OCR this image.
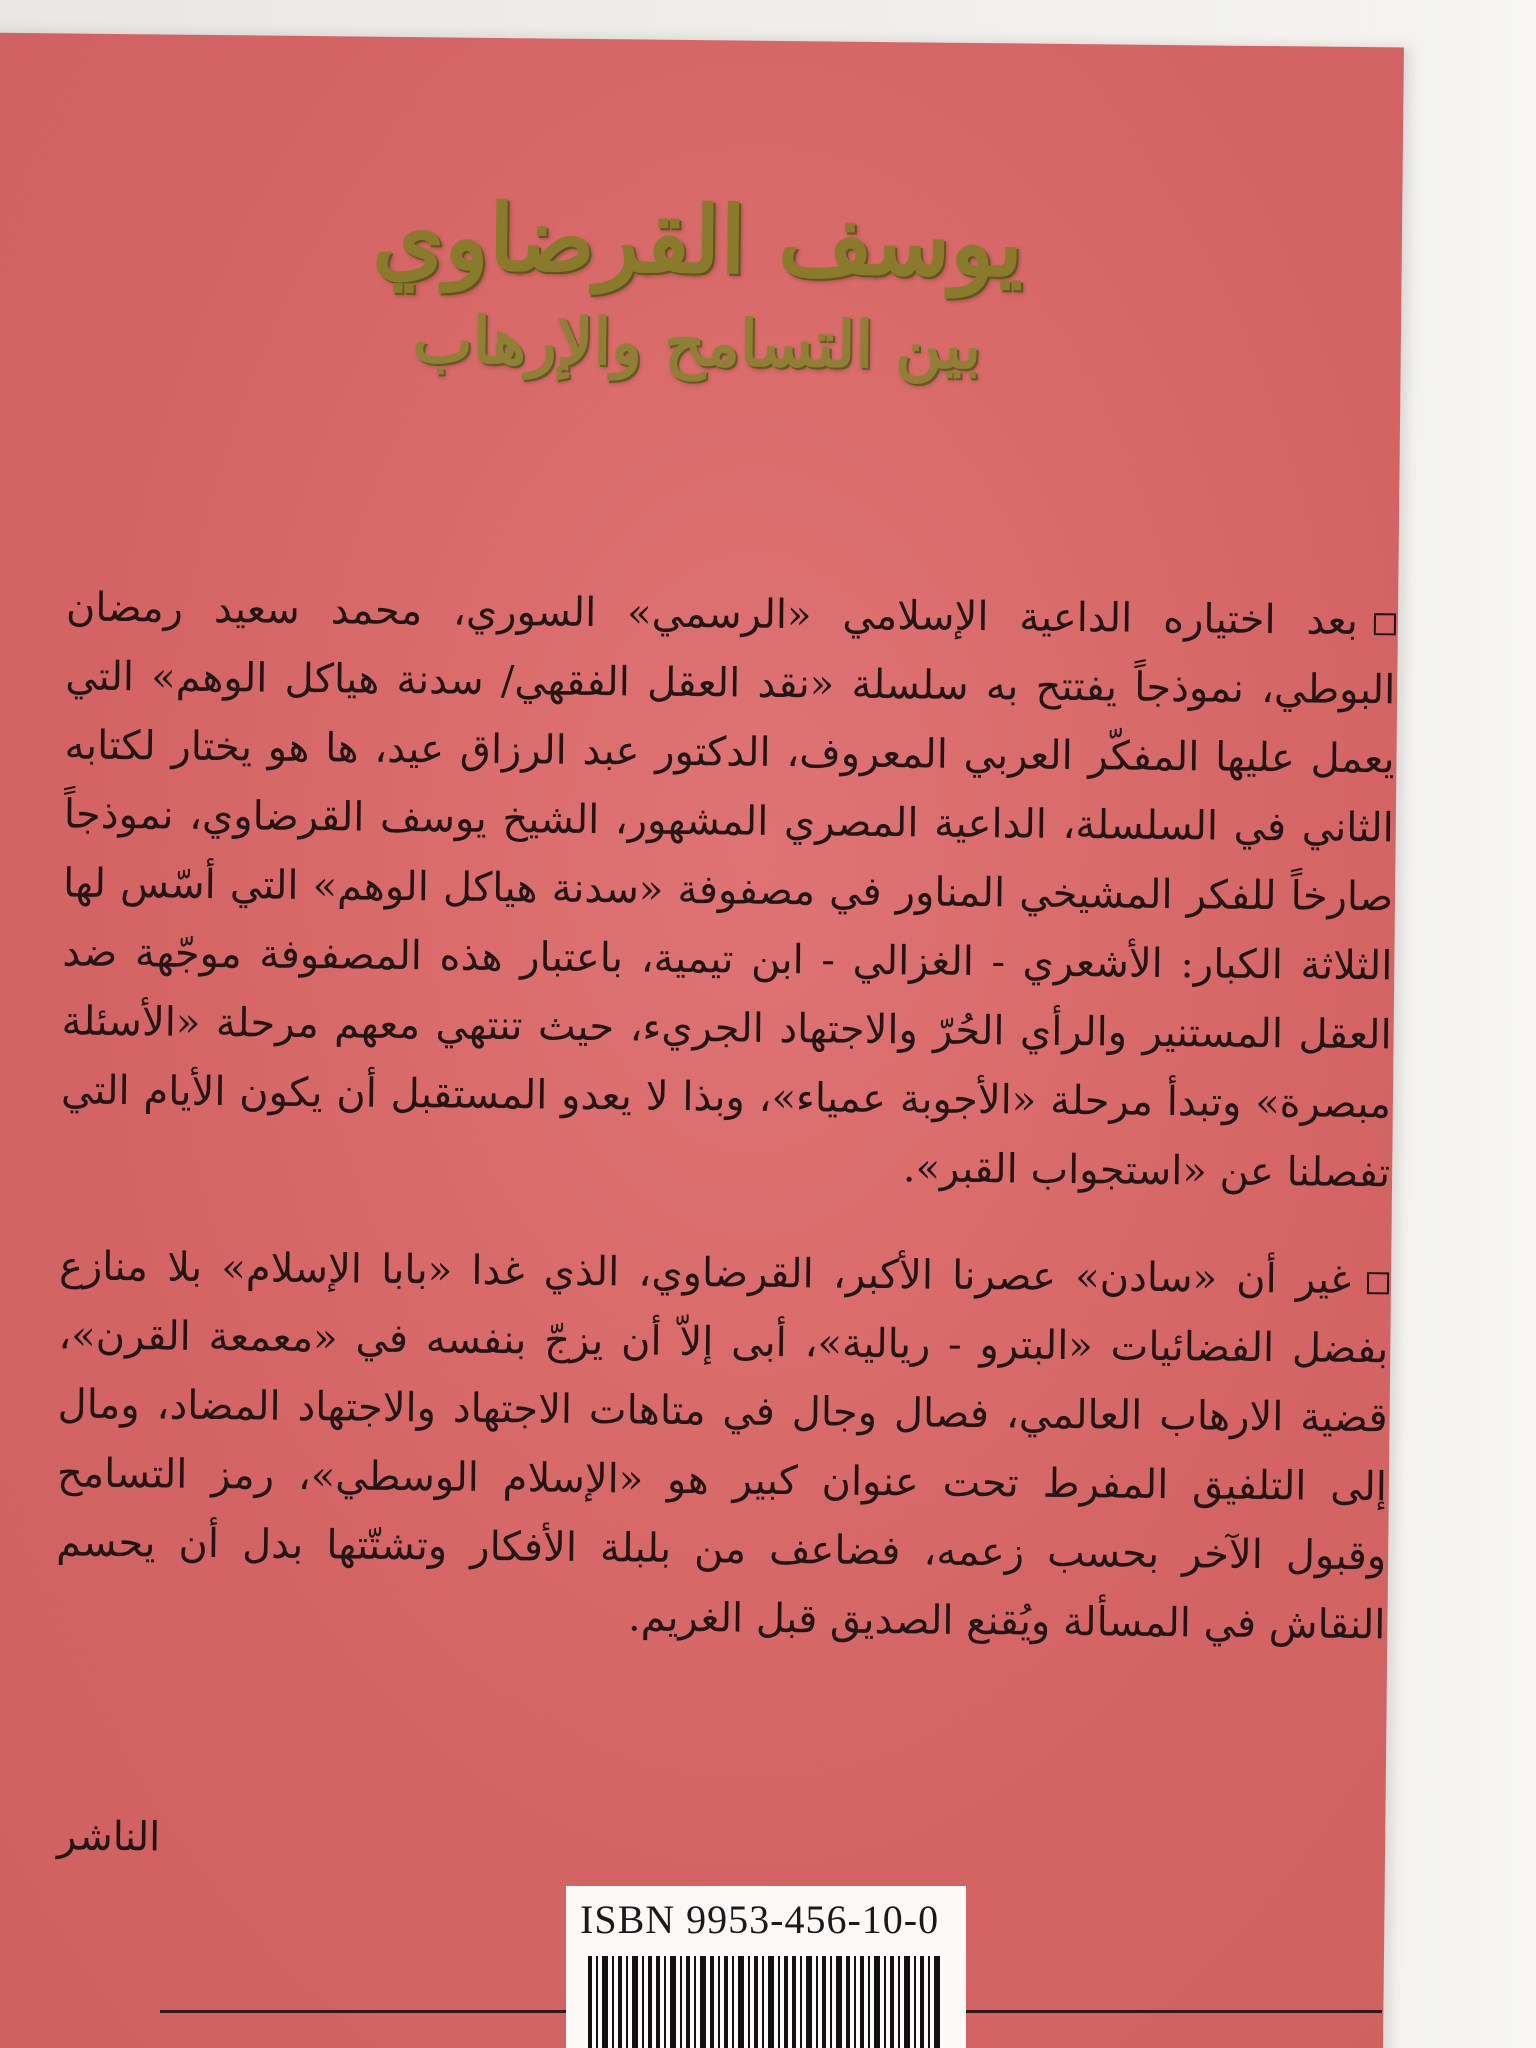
يوسف القرضاوي
بين التسامح والإرهاب

بعد اختياره الداعية الإسلامي «الرسمي» السوري، محمد سعيد رمضان البوطي، نموذجاً يفتتح به سلسلة «نقد العقل الفقهي/ سدنة هياكل الوهم» التي يعمل عليها المفكّر العربي المعروف، الدكتور عبد الرزاق عيد، ها هو يختار لكتابه الثاني في السلسلة، الداعية المصري المشهور، الشيخ يوسف القرضاوي، نموذجاً صارخاً للفكر المشيخي المناور في مصفوفة «سدنة هياكل الوهم» التي أسّس لها الثلاثة الكبار: الأشعري - الغزالي - ابن تيمية، باعتبار هذه المصفوفة موجّهة ضد العقل المستنير والرأي الحُرّ والاجتهاد الجريء، حيث تنتهي معهم مرحلة «الأسئلة مبصرة» وتبدأ مرحلة «الأجوبة عمياء»، وبذا لا يعدو المستقبل أن يكون الأيام التي تفصلنا عن «استجواب القبر».

غير أن «سادن» عصرنا الأكبر، القرضاوي، الذي غدا «بابا الإسلام» بلا منازع بفضل الفضائيات «البترو - ريالية»، أبى إلاّ أن يزجّ بنفسه في «معمعة القرن»، قضية الارهاب العالمي، فصال وجال في متاهات الاجتهاد والاجتهاد المضاد، ومال إلى التلفيق المفرط تحت عنوان كبير هو «الإسلام الوسطي»، رمز التسامح وقبول الآخر بحسب زعمه، فضاعف من بلبلة الأفكار وتشتّتها بدل أن يحسم النقاش في المسألة ويُقنع الصديق قبل الغريم.

الناشر
ISBN 9953-456-10-0
